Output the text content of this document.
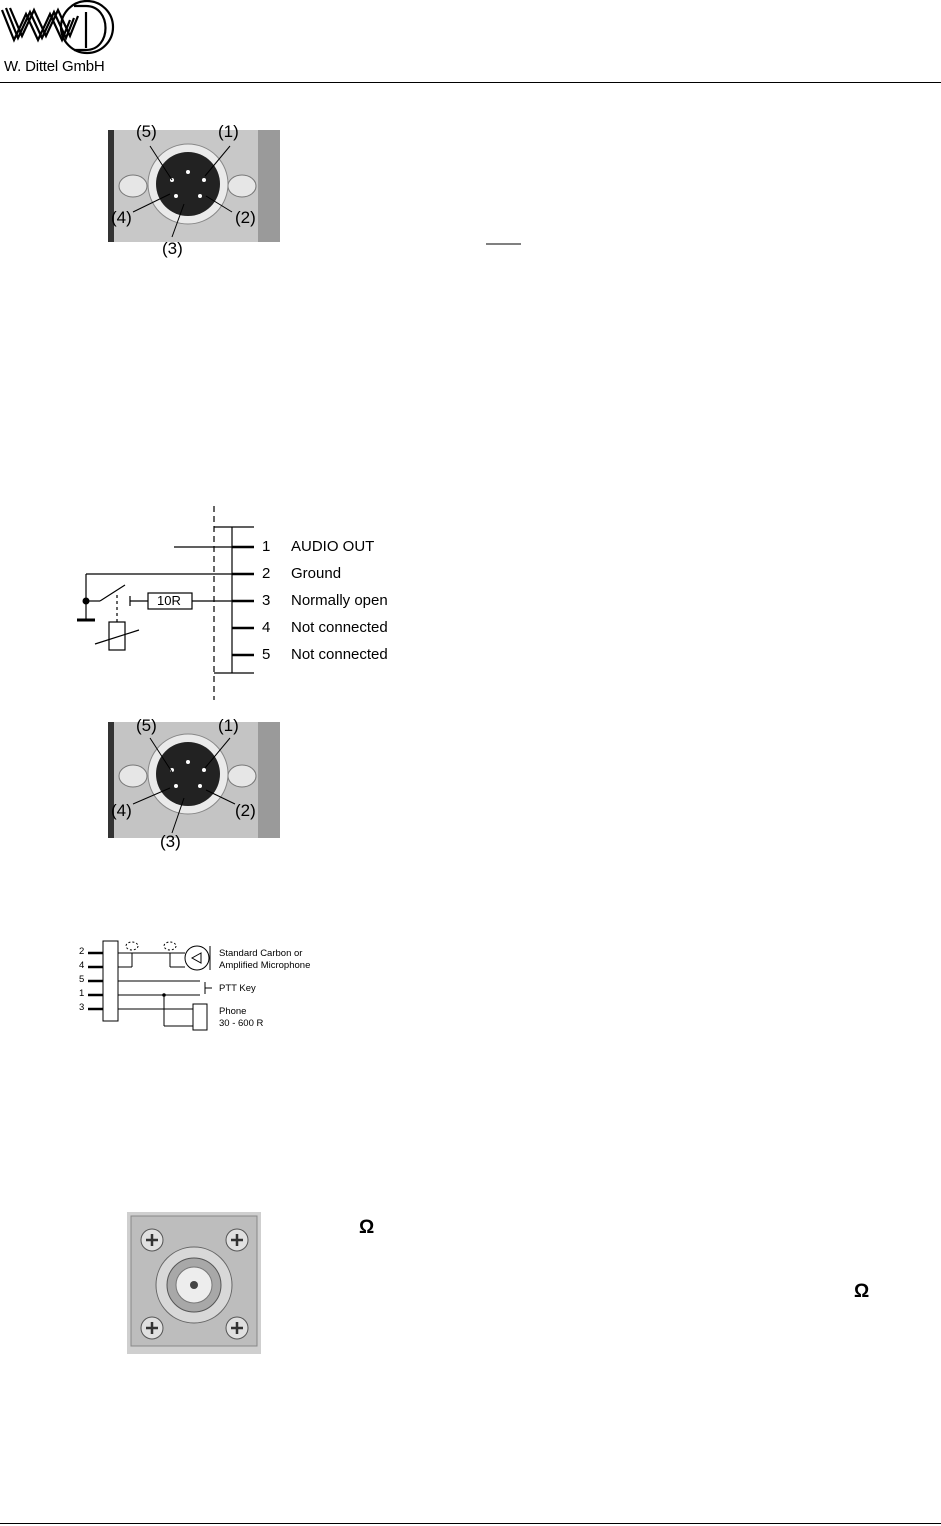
W. Dittel GmbH
(5)	(1)
(4)	(2)
(3)
10R
1 AUDIO OUT
2 Ground
3 Normally open
4 Not connected
5 Not connected
(5)	(1)
(4)	(2)
(3)
2
4
5
1
3
Standard Carbon or
Amplified Microphone
PTT Key
Phone
30 - 600 R
Ω
Ω
